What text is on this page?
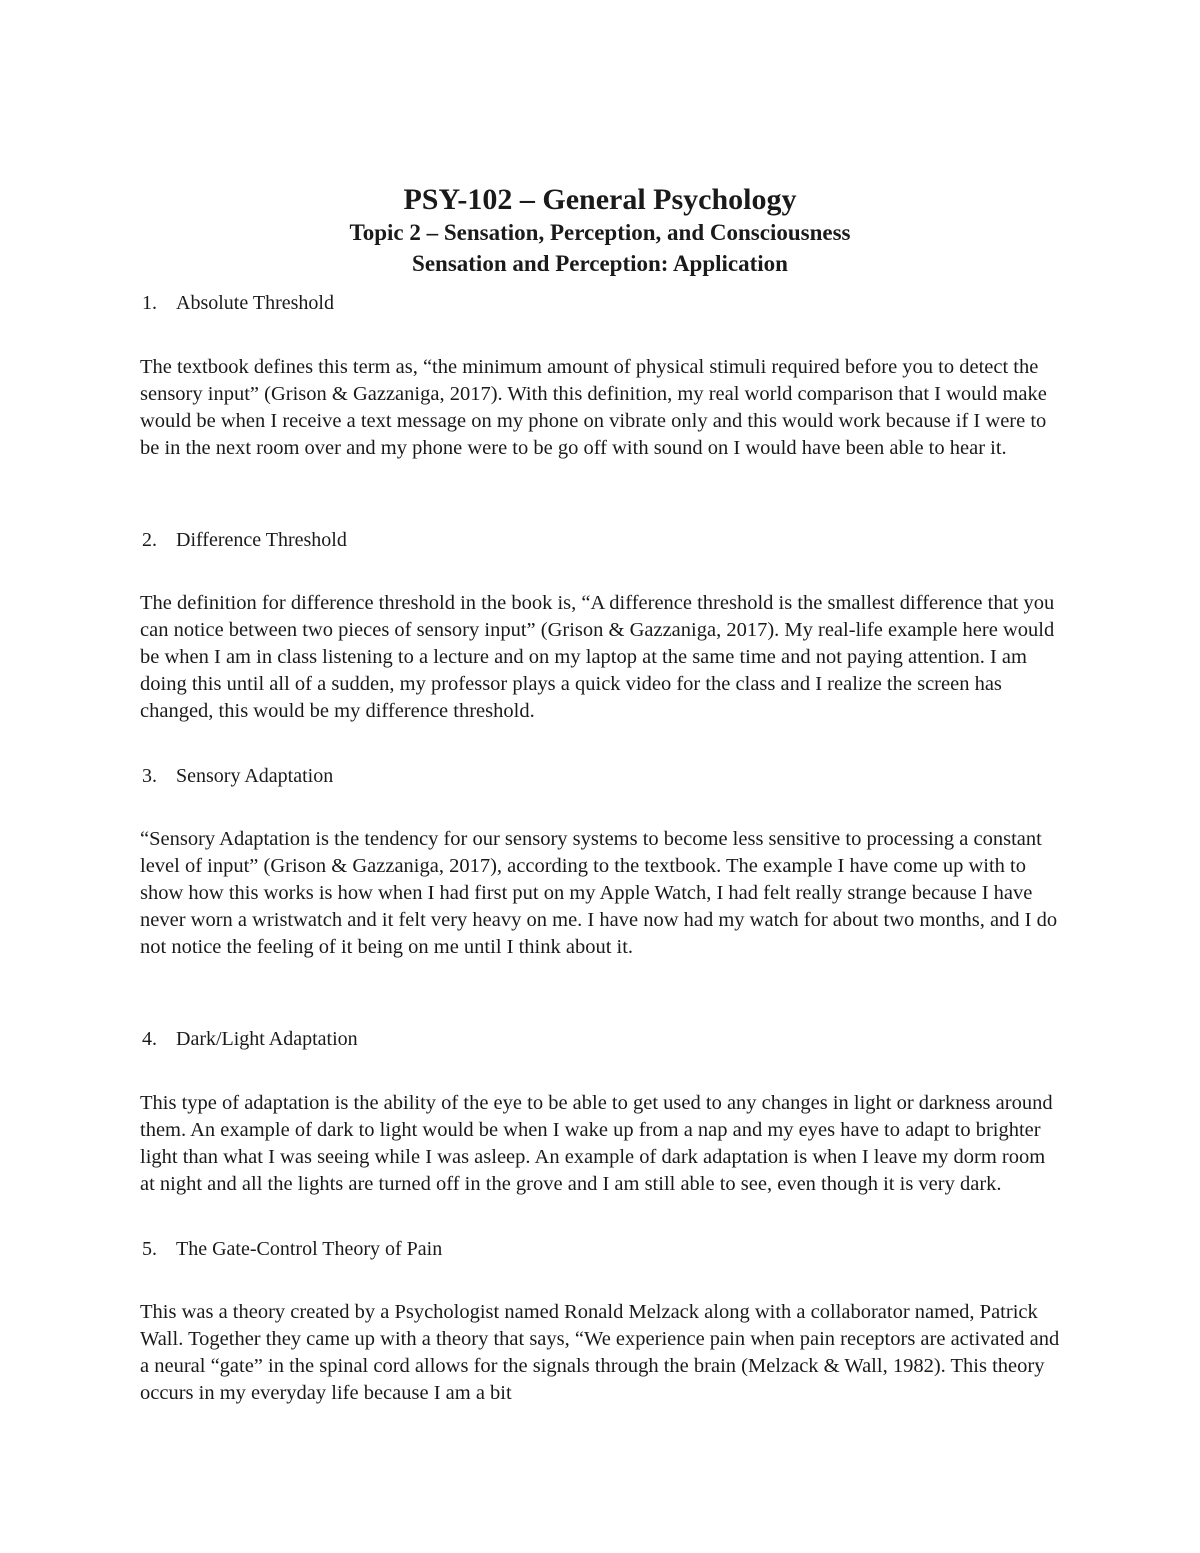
PSY-102 – General Psychology
Topic 2 – Sensation, Perception, and Consciousness
Sensation and Perception: Application
1. Absolute Threshold
The textbook defines this term as, “the minimum amount of physical stimuli required before you to detect the sensory input” (Grison & Gazzaniga, 2017). With this definition, my real world comparison that I would make would be when I receive a text message on my phone on vibrate only and this would work because if I were to be in the next room over and my phone were to be go off with sound on I would have been able to hear it.
2. Difference Threshold
The definition for difference threshold in the book is, “A difference threshold is the smallest difference that you can notice between two pieces of sensory input” (Grison & Gazzaniga, 2017). My real-life example here would be when I am in class listening to a lecture and on my laptop at the same time and not paying attention. I am doing this until all of a sudden, my professor plays a quick video for the class and I realize the screen has changed, this would be my difference threshold.
3. Sensory Adaptation
“Sensory Adaptation is the tendency for our sensory systems to become less sensitive to processing a constant level of input” (Grison & Gazzaniga, 2017), according to the textbook. The example I have come up with to show how this works is how when I had first put on my Apple Watch, I had felt really strange because I have never worn a wristwatch and it felt very heavy on me. I have now had my watch for about two months, and I do not notice the feeling of it being on me until I think about it.
4. Dark/Light Adaptation
This type of adaptation is the ability of the eye to be able to get used to any changes in light or darkness around them. An example of dark to light would be when I wake up from a nap and my eyes have to adapt to brighter light than what I was seeing while I was asleep. An example of dark adaptation is when I leave my dorm room at night and all the lights are turned off in the grove and I am still able to see, even though it is very dark.
5. The Gate-Control Theory of Pain
This was a theory created by a Psychologist named Ronald Melzack along with a collaborator named, Patrick Wall. Together they came up with a theory that says, “We experience pain when pain receptors are activated and a neural “gate” in the spinal cord allows for the signals through the brain (Melzack & Wall, 1982). This theory occurs in my everyday life because I am a bit
